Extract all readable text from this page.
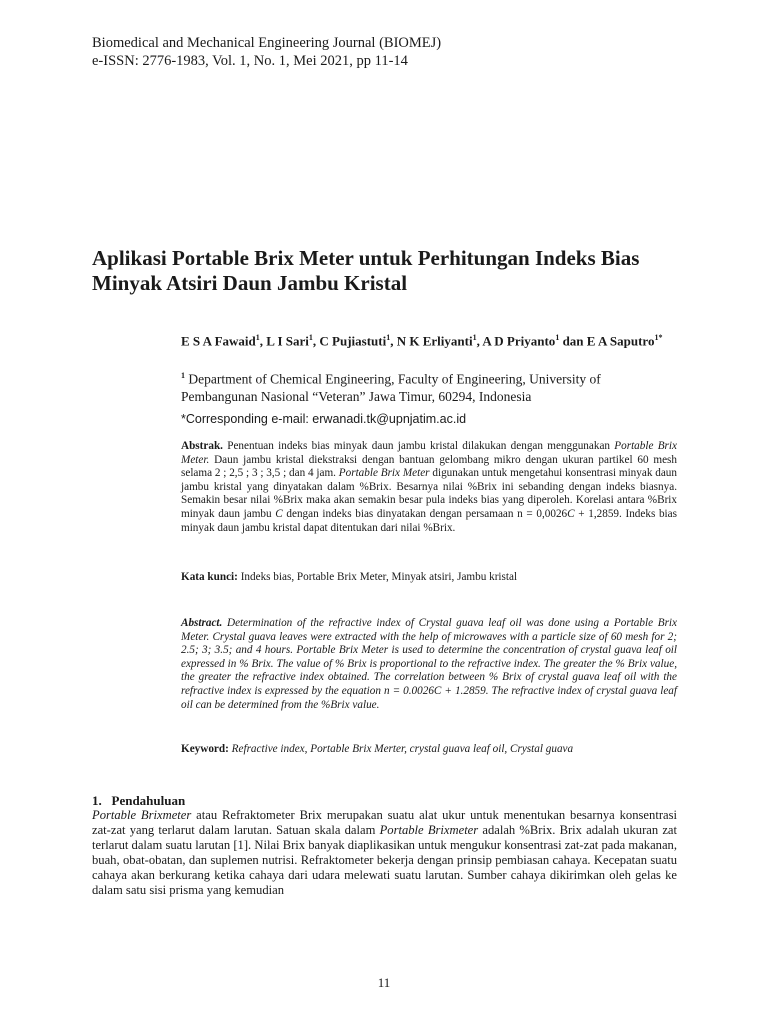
Biomedical and Mechanical Engineering Journal (BIOMEJ)
e-ISSN: 2776-1983, Vol. 1, No. 1, Mei 2021, pp 11-14
Aplikasi Portable Brix Meter untuk Perhitungan Indeks Bias
Minyak Atsiri Daun Jambu Kristal
E S A Fawaid$^1$, L I Sari$^1$, C Pujiastuti$^1$, N K Erliyanti$^1$, A D Priyanto$^1$ dan E A Saputro$^{1*}$
$^1$ Department of Chemical Engineering, Faculty of Engineering, University of
Pembangunan Nasional “Veteran” Jawa Timur, 60294, Indonesia
*Corresponding e-mail: erwanadi.tk@upnjatim.ac.id

Abstrak. Penentuan indeks bias minyak daun jambu kristal dilakukan dengan menggunakan Portable Brix Meter. Daun jambu kristal diekstraksi dengan bantuan gelombang mikro dengan ukuran partikel 60 mesh selama 2 ; 2,5 ; 3 ; 3,5 ; dan 4 jam. Portable Brix Meter digunakan untuk mengetahui konsentrasi minyak daun jambu kristal yang dinyatakan dalam %Brix. Besarnya nilai %Brix ini sebanding dengan indeks biasnya. Semakin besar nilai %Brix maka akan semakin besar pula indeks bias yang diperoleh. Korelasi antara %Brix minyak daun jambu C dengan indeks bias dinyatakan dengan persamaan n = 0,0026C + 1,2859. Indeks bias minyak daun jambu kristal dapat ditentukan dari nilai %Brix.

Kata kunci: Indeks bias, Portable Brix Meter, Minyak atsiri, Jambu kristal

Abstract. Determination of the refractive index of Crystal guava leaf oil was done using a Portable Brix Meter. Crystal guava leaves were extracted with the help of microwaves with a particle size of 60 mesh for 2; 2.5; 3; 3.5; and 4 hours. Portable Brix Meter is used to determine the concentration of crystal guava leaf oil expressed in % Brix. The value of % Brix is proportional to the refractive index. The greater the % Brix value, the greater the refractive index obtained. The correlation between % Brix of crystal guava leaf oil with the refractive index is expressed by the equation n = 0.0026C + 1.2859. The refractive index of crystal guava leaf oil can be determined from the %Brix value.

Keyword: Refractive index, Portable Brix Merter, crystal guava leaf oil, Crystal guava

1. Pendahuluan

Portable Brixmeter atau Refraktometer Brix merupakan suatu alat ukur untuk menentukan besarnya konsentrasi zat-zat yang terlarut dalam larutan. Satuan skala dalam Portable Brixmeter adalah %Brix. Brix adalah ukuran zat terlarut dalam suatu larutan [1]. Nilai Brix banyak diaplikasikan untuk mengukur konsentrasi zat-zat pada makanan, buah, obat-obatan, dan suplemen nutrisi. Refraktometer bekerja dengan prinsip pembiasan cahaya. Kecepatan suatu cahaya akan berkurang ketika cahaya dari udara melewati suatu larutan. Sumber cahaya dikirimkan oleh gelas ke dalam satu sisi prisma yang kemudian

11
